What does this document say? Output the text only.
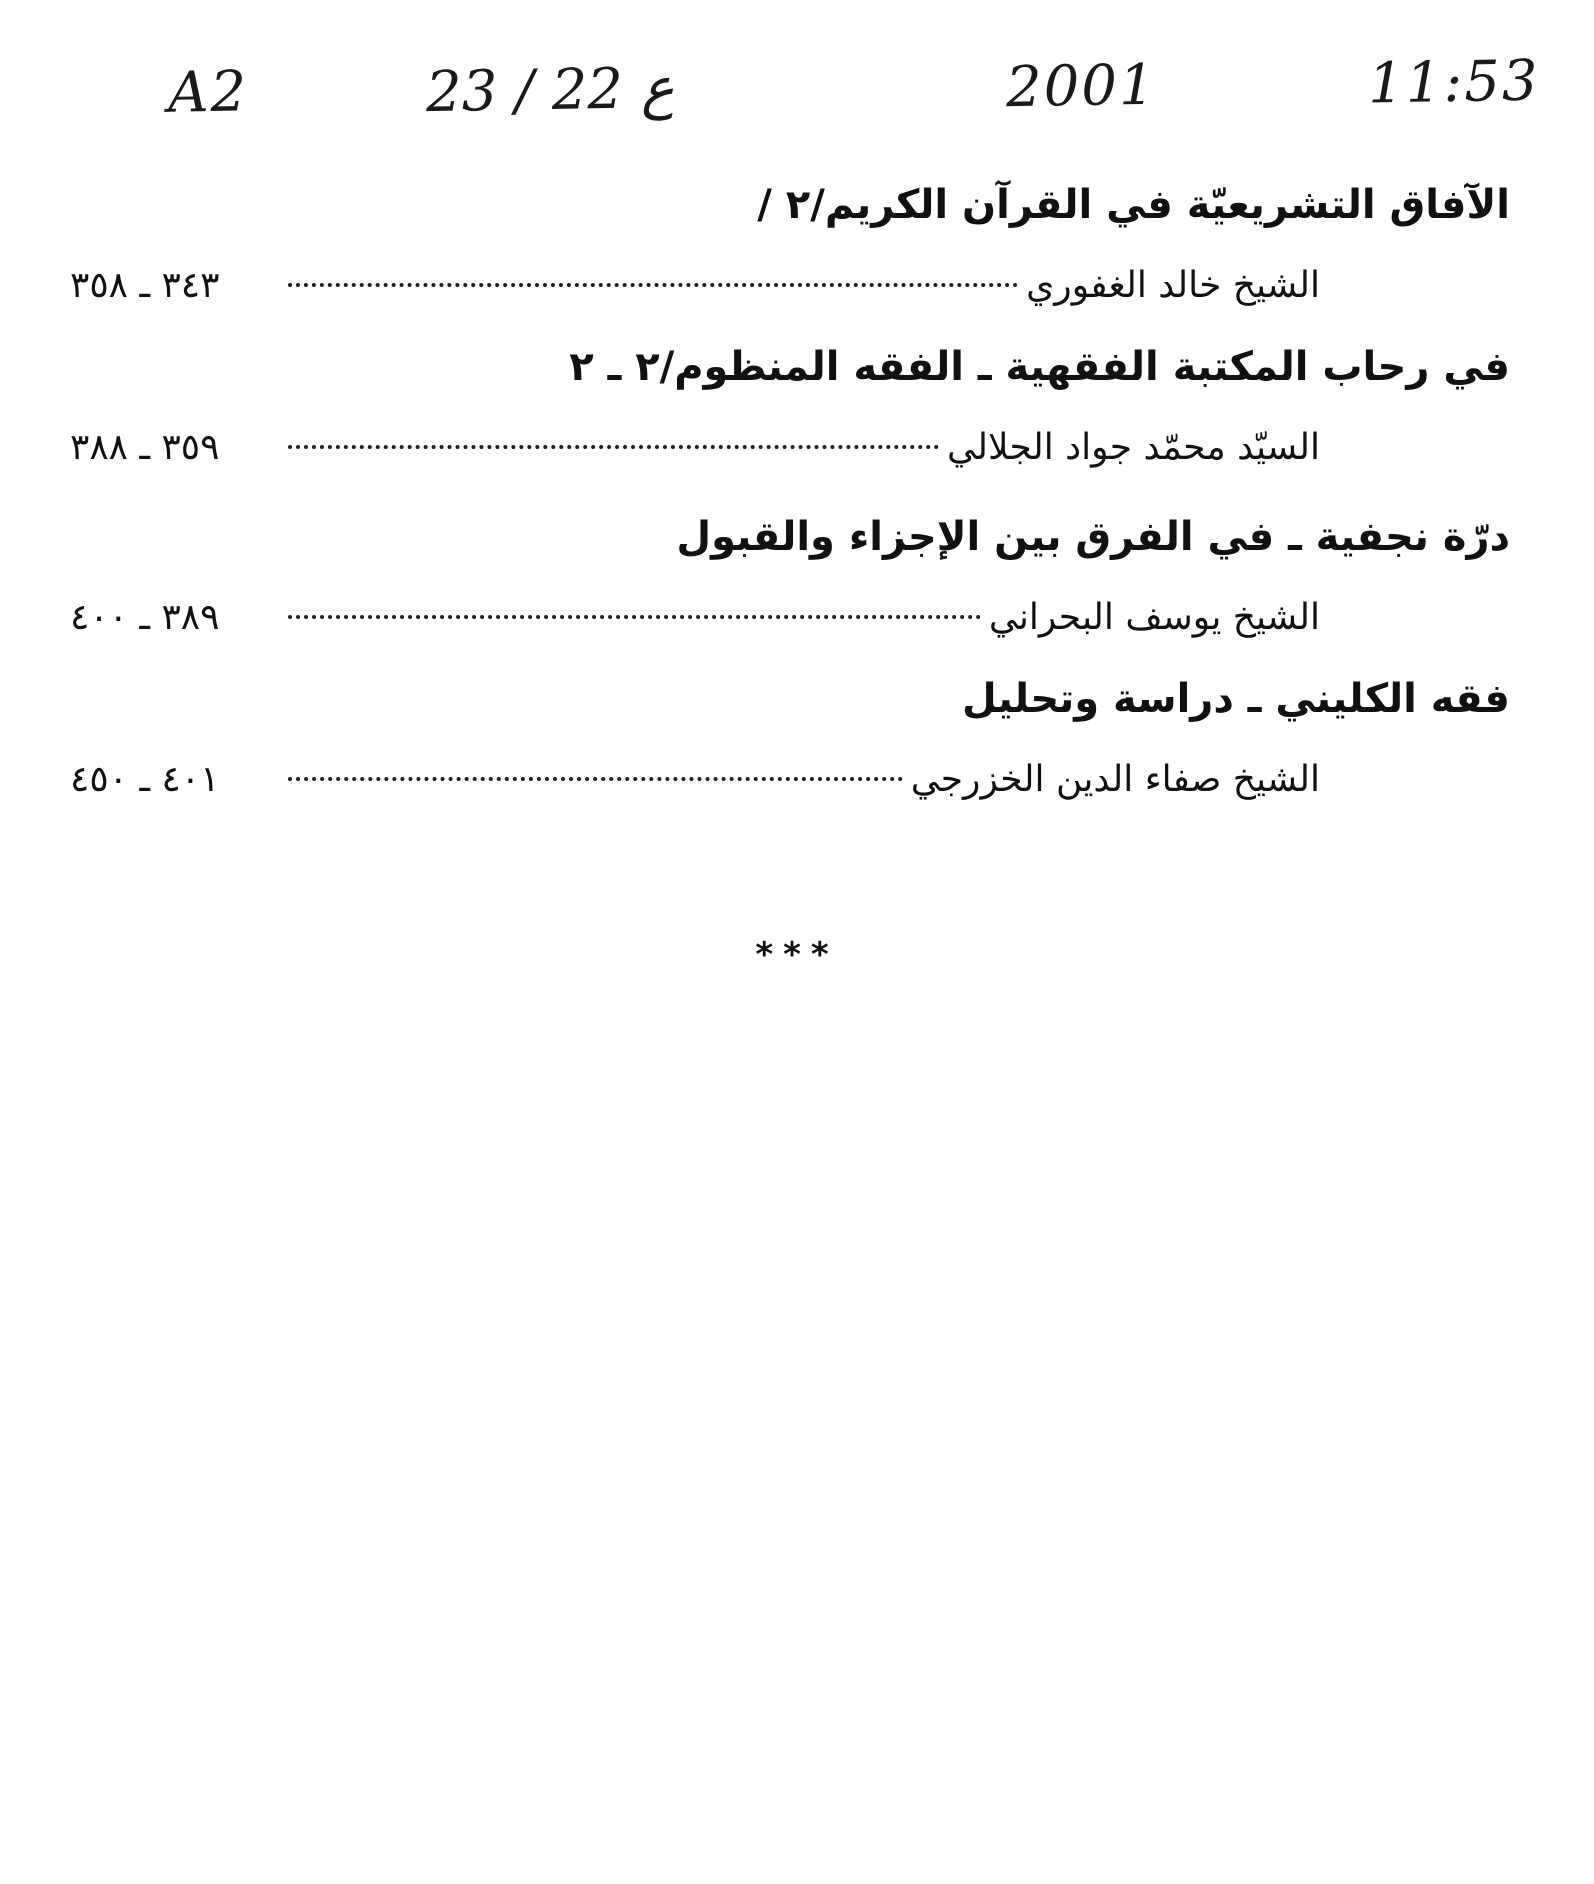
A2	23 / 22 ع	2001	11:53
الآفاق التشريعيّة في القرآن الكريم/٢ /
الشيخ خالد الغفوري
٣٤٣ ـ ٣٥٨
في رحاب المكتبة الفقهية ـ الفقه المنظوم/٢ ـ ٢
السيّد محمّد جواد الجلالي
٣٥٩ ـ ٣٨٨
درّة نجفية ـ في الفرق بين الإجزاء والقبول
الشيخ يوسف البحراني
٣٨٩ ـ ٤٠٠
فقه الكليني ـ دراسة وتحليل
الشيخ صفاء الدين الخزرجي
٤٠١ ـ ٤٥٠
***
